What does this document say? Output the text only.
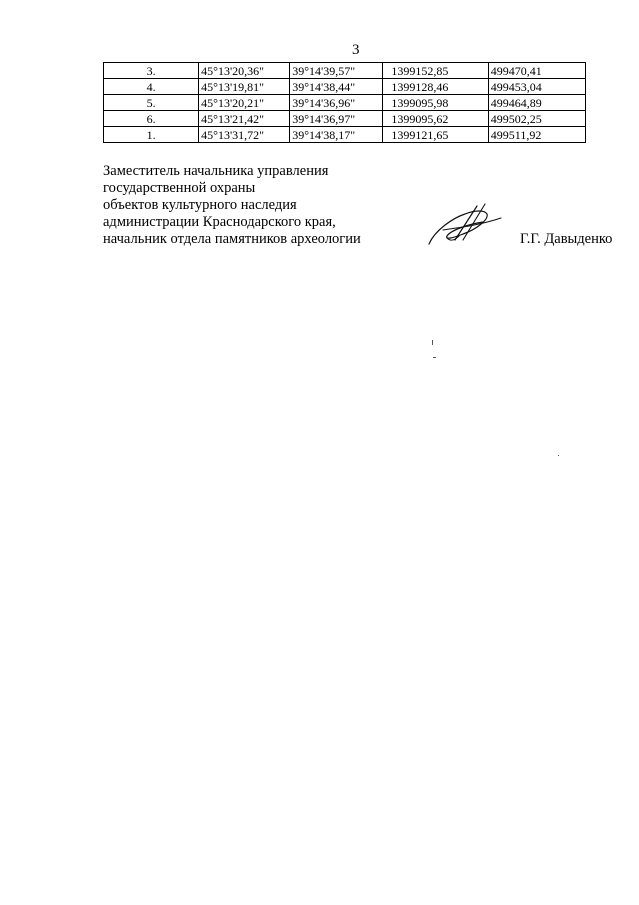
3
3.	45°13'20,36"	39°14'39,57"	1399152,85	499470,41
4.	45°13'19,81"	39°14'38,44"	1399128,46	499453,04
5.	45°13'20,21"	39°14'36,96"	1399095,98	499464,89
6.	45°13'21,42"	39°14'36,97"	1399095,62	499502,25
1.	45°13'31,72"	39°14'38,17"	1399121,65	499511,92
Заместитель начальника управления
государственной охраны
объектов культурного наследия
администрации Краснодарского края,
начальник отдела памятников археологии	Г.Г. Давыденко
